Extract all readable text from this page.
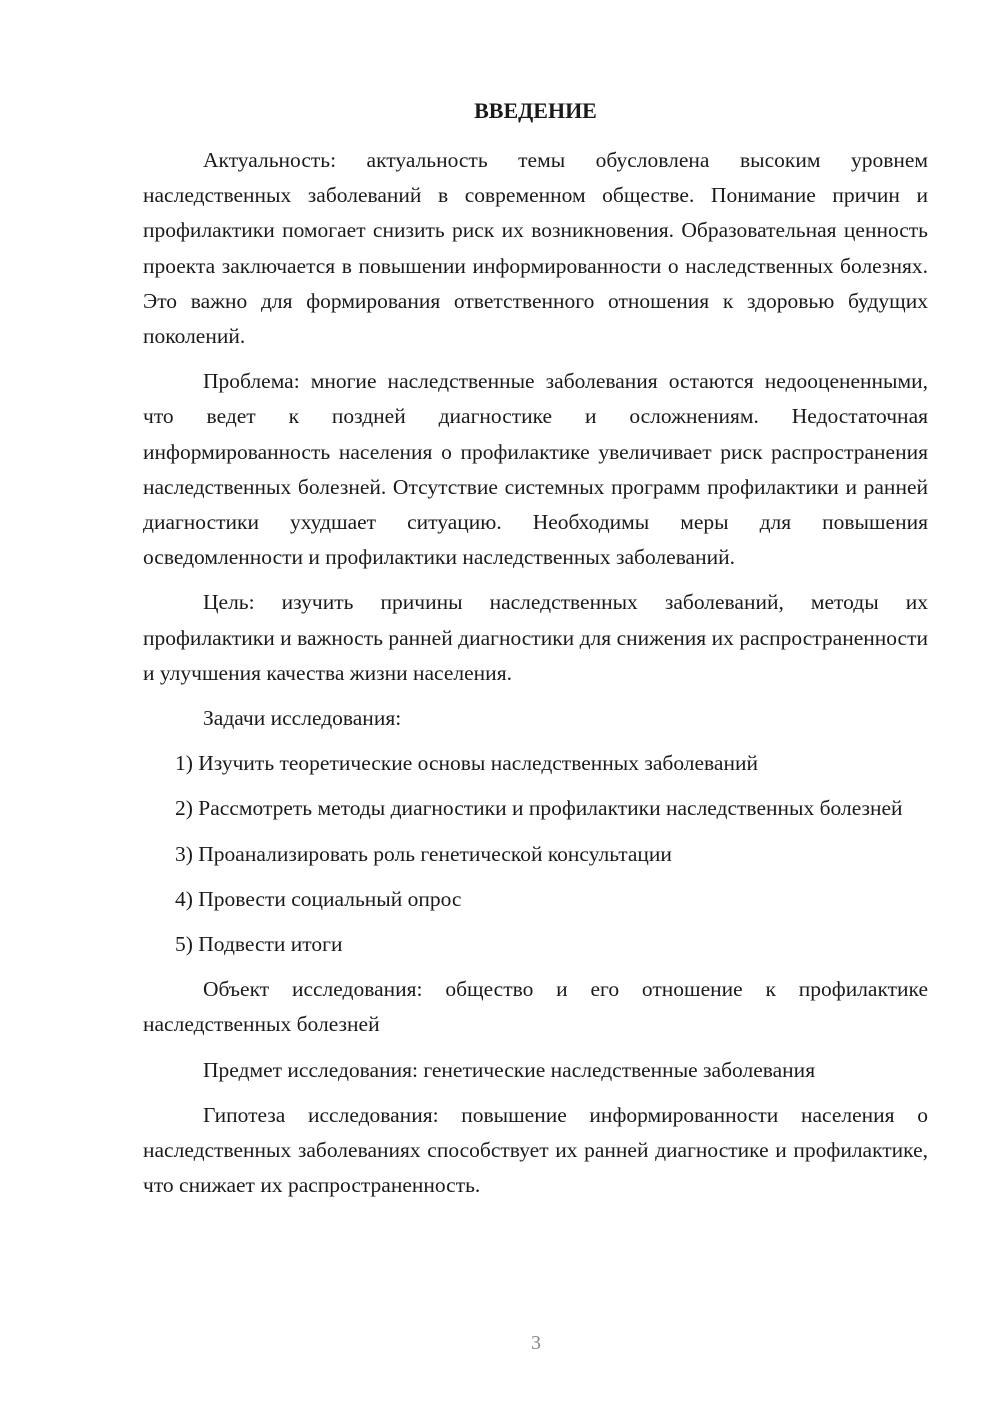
ВВЕДЕНИЕ

Актуальность: актуальность темы обусловлена высоким уровнем наследственных заболеваний в современном обществе. Понимание причин и профилактики помогает снизить риск их возникновения. Образовательная ценность проекта заключается в повышении информированности о наследственных болезнях. Это важно для формирования ответственного отношения к здоровью будущих поколений.

Проблема: многие наследственные заболевания остаются недооцененными, что ведет к поздней диагностике и осложнениям. Недостаточная информированность населения о профилактике увеличивает риск распространения наследственных болезней. Отсутствие системных программ профилактики и ранней диагностики ухудшает ситуацию. Необходимы меры для повышения осведомленности и профилактики наследственных заболеваний.

Цель: изучить причины наследственных заболеваний, методы их профилактики и важность ранней диагностики для снижения их распространенности и улучшения качества жизни населения.

Задачи исследования:

1) Изучить теоретические основы наследственных заболеваний

2) Рассмотреть методы диагностики и профилактики наследственных болезней

3) Проанализировать роль генетической консультации

4) Провести социальный опрос

5) Подвести итоги

Объект исследования: общество и его отношение к профилактике наследственных болезней

Предмет исследования: генетические наследственные заболевания

Гипотеза исследования: повышение информированности населения о наследственных заболеваниях способствует их ранней диагностике и профилактике, что снижает их распространенность.

3
